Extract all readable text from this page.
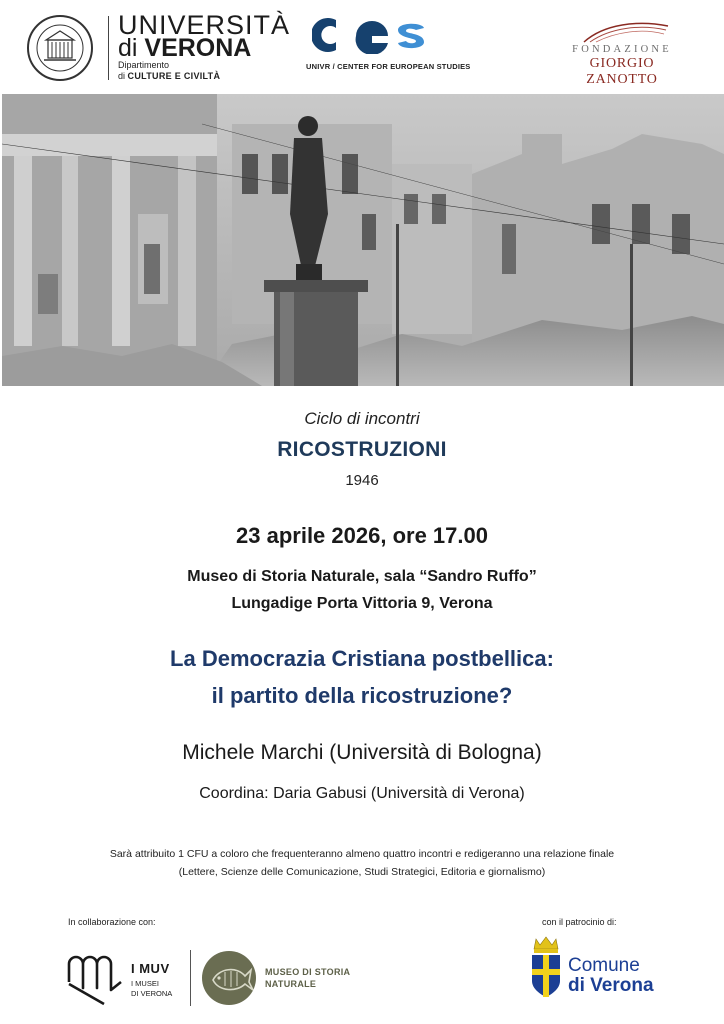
UNIVERSITÀ
di VERONA
Dipartimento
di CULTURE E CIVILTÀ
UNIVR / CENTER FOR EUROPEAN STUDIES
FONDAZIONE
GIORGIO ZANOTTO
Ciclo di incontri
RICOSTRUZIONI
1946
23 aprile 2026, ore 17.00
Museo di Storia Naturale, sala “Sandro Ruffo”
Lungadige Porta Vittoria 9, Verona
La Democrazia Cristiana postbellica:
il partito della ricostruzione?
Michele Marchi (Università di Bologna)
Coordina: Daria Gabusi (Università di Verona)
Sarà attribuito 1 CFU a coloro che frequenteranno almeno quattro incontri e redigeranno una relazione finale
(Lettere, Scienze delle Comunicazione, Studi Strategici, Editoria e giornalismo)
In collaborazione con:	con il patrocinio di:
I MUV
I MUSEI
DI VERONA
MUSEO DI STORIA
NATURALE
Comune
di Verona
